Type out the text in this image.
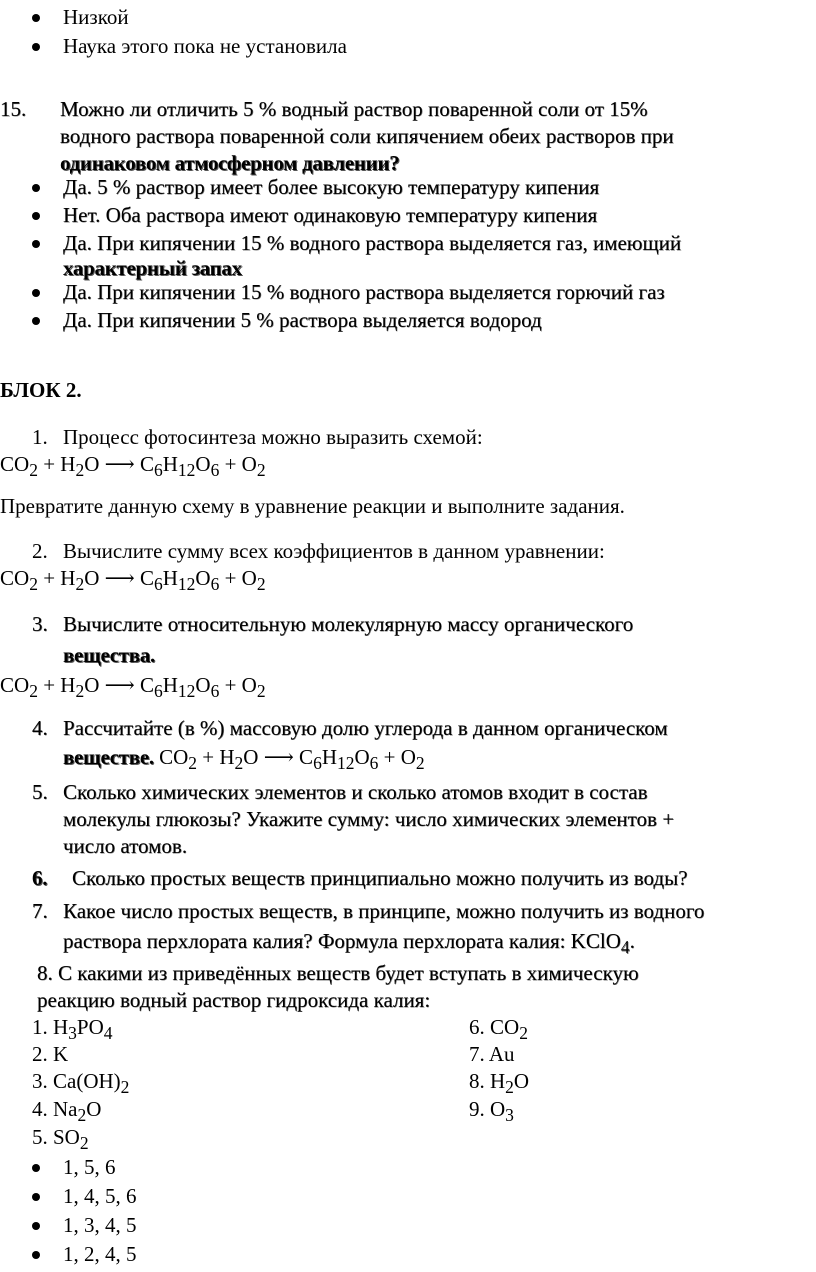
Низкой
Наука этого пока не установила
15. Можно ли отличить 5 % водный раствор поваренной соли от 15%
водного раствора поваренной соли кипячением обеих растворов при
одинаковом атмосферном давлении?
Да. 5 % раствор имеет более высокую температуру кипения
Нет. Оба раствора имеют одинаковую температуру кипения
Да. При кипячении 15 % водного раствора выделяется газ, имеющий
характерный запах
Да. При кипячении 15 % водного раствора выделяется горючий газ
Да. При кипячении 5 % раствора выделяется водород
БЛОК 2.
1. Процесс фотосинтеза можно выразить схемой:
$CO_2 + H_2O$ ⟶ $C_6H_{12}O_6 + O_2$
Превратите данную схему в уравнение реакции и выполните задания.
2. Вычислите сумму всех коэффициентов в данном уравнении:
$CO_2 + H_2O$ ⟶ $C_6H_{12}O_6 + O_2$
3. Вычислите относительную молекулярную массу органического
вещества.
$CO_2 + H_2O$ ⟶ $C_6H_{12}O_6 + O_2$
4. Рассчитайте (в %) массовую долю углерода в данном органическом
веществе. $CO_2 + H_2O$ ⟶ $C_6H_{12}O_6 + O_2$
5. Сколько химических элементов и сколько атомов входит в состав
молекулы глюкозы? Укажите сумму: число химических элементов +
число атомов.
6. Сколько простых веществ принципиально можно получить из воды?
7. Какое число простых веществ, в принципе, можно получить из водного
раствора перхлората калия? Формула перхлората калия: KClO$_4$.
8. С какими из приведённых веществ будет вступать в химическую
реакцию водный раствор гидроксида калия:
1. $H_3PO_4$
2. K
3. $Ca(OH)_2$
4. $Na_2O$
5. $SO_2$
6. $CO_2$
7. Au
8. $H_2O$
9. $O_3$
1, 5, 6
1, 4, 5, 6
1, 3, 4, 5
1, 2, 4, 5
